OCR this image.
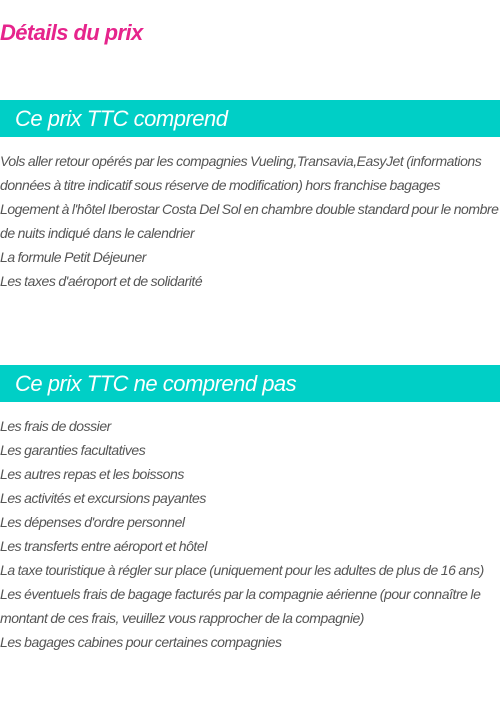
Détails du prix
Ce prix TTC comprend
Vols aller retour opérés par les compagnies Vueling,Transavia,EasyJet (informations données à titre indicatif sous réserve de modification) hors franchise bagages
Logement à l'hôtel Iberostar Costa Del Sol en chambre double standard pour le nombre de nuits indiqué dans le calendrier
La formule Petit Déjeuner
Les taxes d'aéroport et de solidarité
Ce prix TTC ne comprend pas
Les frais de dossier
Les garanties facultatives
Les autres repas et les boissons
Les activités et excursions payantes
Les dépenses d'ordre personnel
Les transferts entre aéroport et hôtel
La taxe touristique à régler sur place (uniquement pour les adultes de plus de 16 ans)
Les éventuels frais de bagage facturés par la compagnie aérienne (pour connaître le montant de ces frais, veuillez vous rapprocher de la compagnie)
Les bagages cabines pour certaines compagnies
